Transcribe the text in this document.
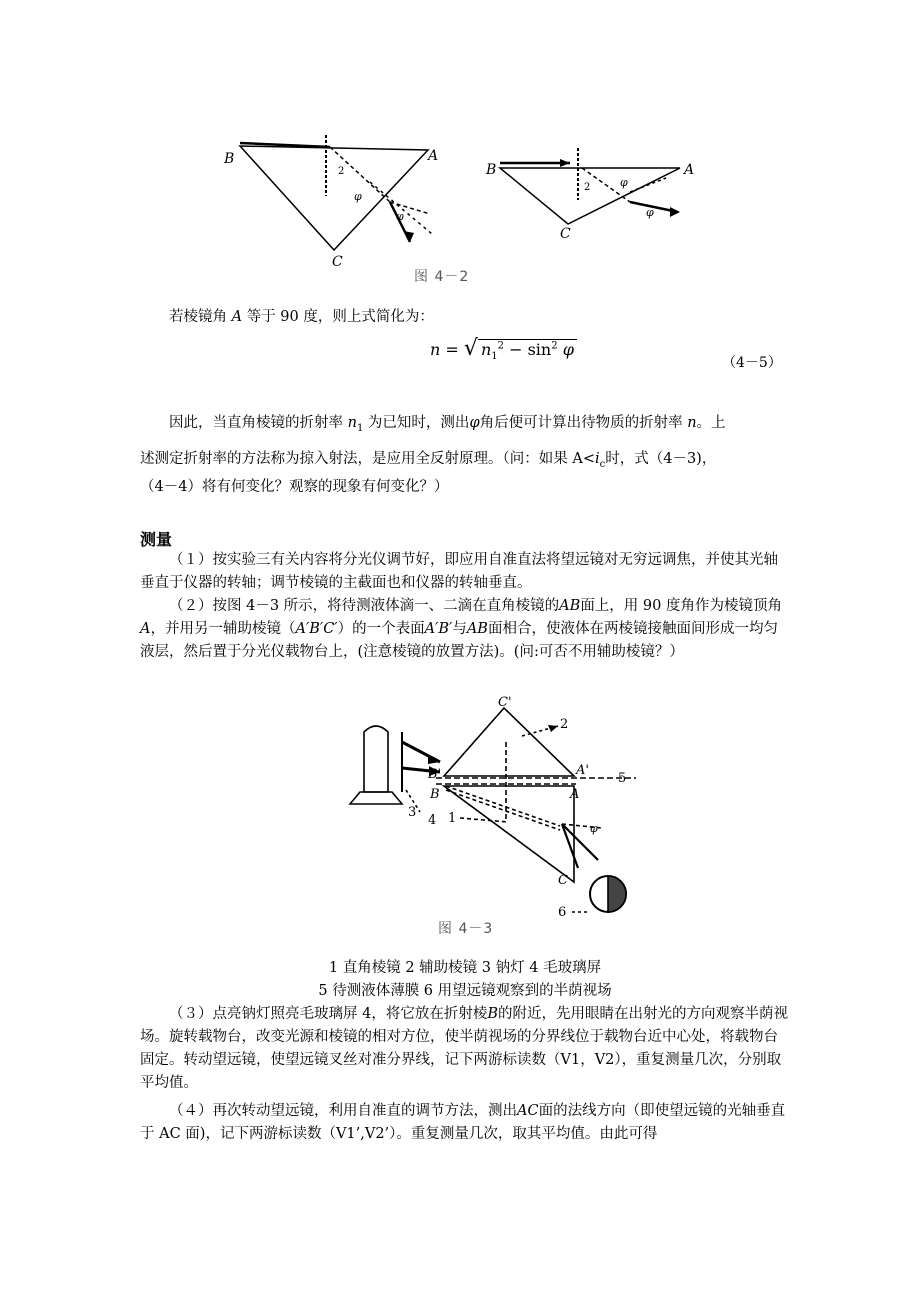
B	A
C
2
φ
φ
B	A
C
2	φ
φ
图 4－2
若棱镜角 A 等于 90 度，则上式简化为：
n = √ $n_1^2 - \sin^2 \varphi$
（4－5）
因此，当直角棱镜的折射率 $n_1$ 为已知时，测出φ角后便可计算出待物质的折射率 n。上
述测定折射率的方法称为掠入射法，是应用全反射原理。（问：如果 $A<i_c$时，式（4－3)，
（4－4）将有何变化？观察的现象有何变化？）
测量
（１）按实验三有关内容将分光仪调节好，即应用自准直法将望远镜对无穷远调焦，并使其光轴垂直于仪器的转轴；调节棱镜的主截面也和仪器的转轴垂直。
（２）按图 4－3 所示，将待测液体滴一、二滴在直角棱镜的AB面上，用 90 度角作为棱镜顶角A，并用另一辅助棱镜（A′B′C′）的一个表面A′B′与AB面相合，使液体在两棱镜接触面间形成一均匀液层，然后置于分光仪载物台上，(注意棱镜的放置方法)。(问:可否不用辅助棱镜？）
C'
A'
B'
A
B
C
φ
1
2
3
4
5
6
图 4－3
1 直角棱镜 2 辅助棱镜 3 钠灯 4 毛玻璃屏
5 待测液体薄膜 6 用望远镜观察到的半荫视场
（３）点亮钠灯照亮毛玻璃屏 4，将它放在折射棱B的附近，先用眼睛在出射光的方向观察半荫视场。旋转载物台，改变光源和棱镜的相对方位，使半荫视场的分界线位于载物台近中心处，将载物台固定。转动望远镜，使望远镜叉丝对准分界线，记下两游标读数（V1，V2），重复测量几次，分别取平均值。
（４）再次转动望远镜，利用自准直的调节方法，测出AC面的法线方向（即使望远镜的光轴垂直于 AC 面)，记下两游标读数（V1’,V2’）。重复测量几次，取其平均值。由此可得
